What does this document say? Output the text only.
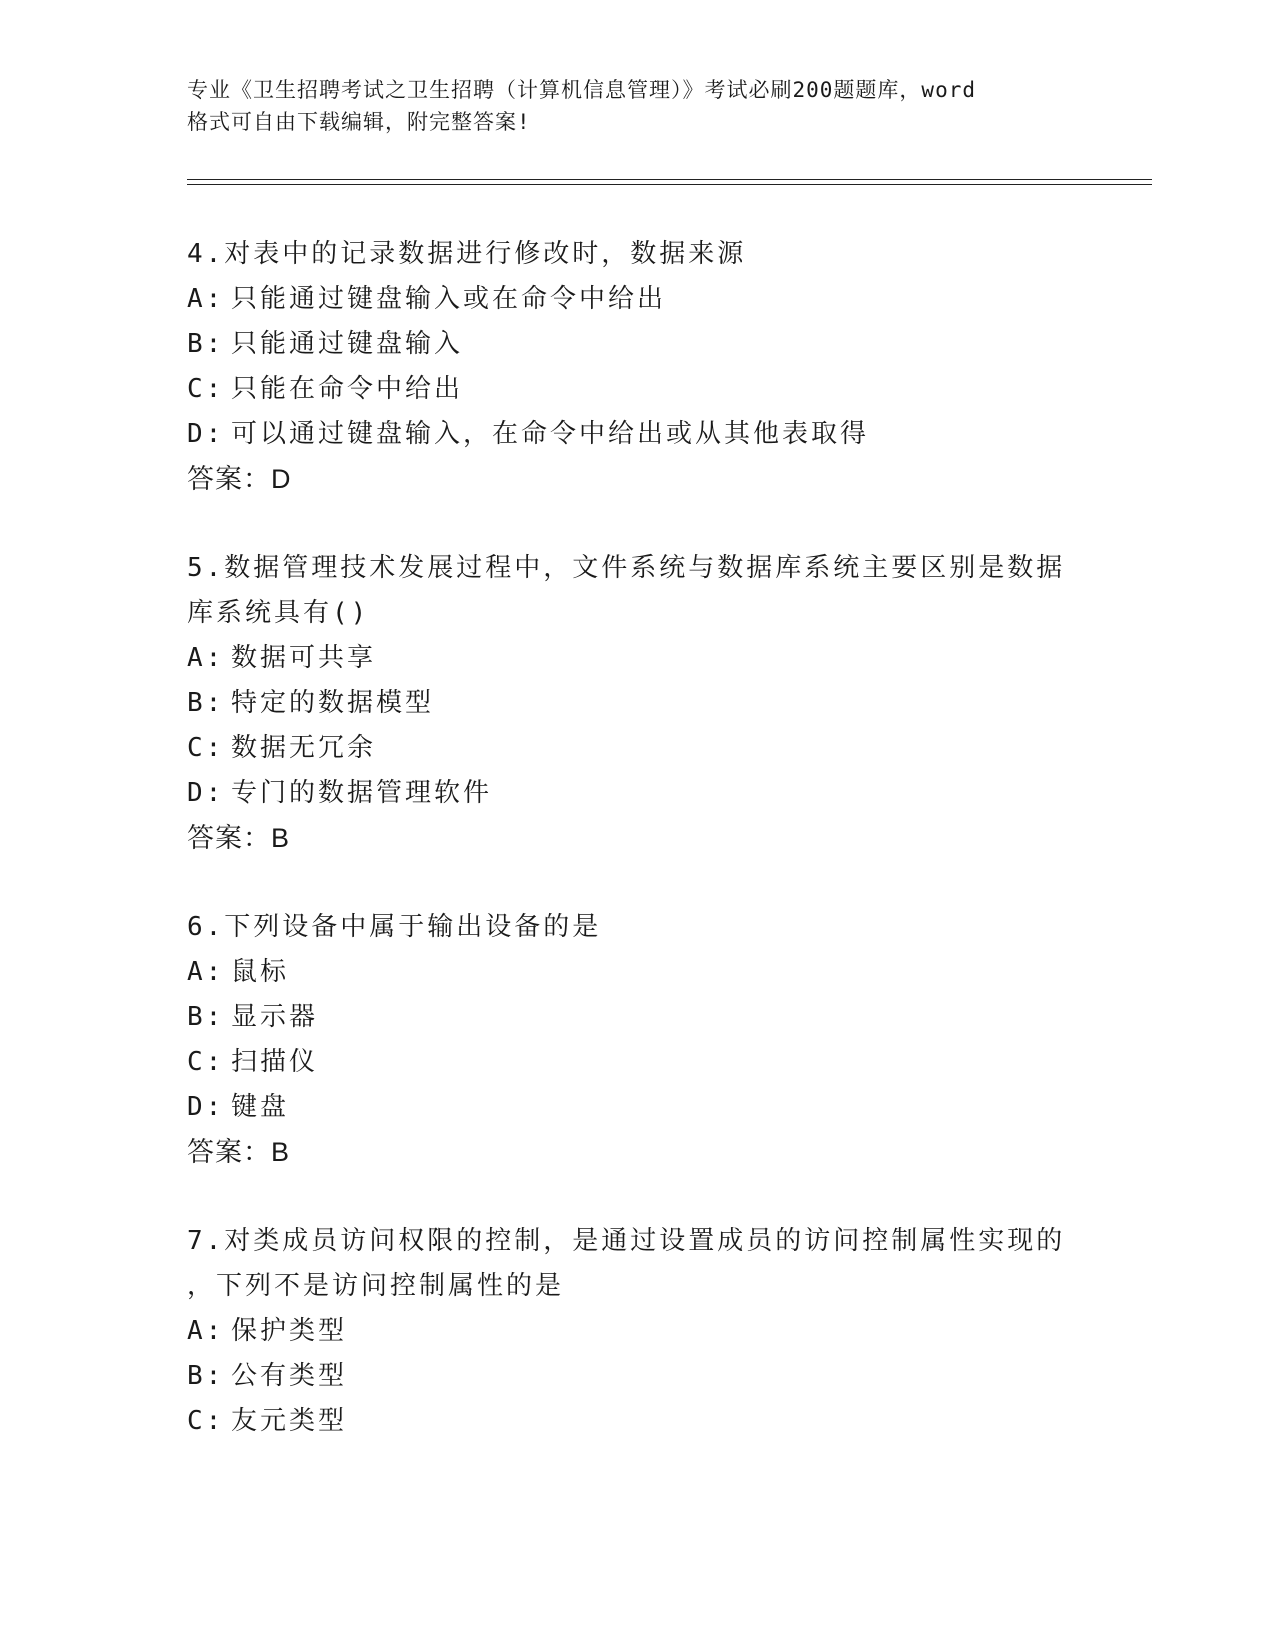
专业《卫生招聘考试之卫生招聘（计算机信息管理）》考试必刷200题题库，word
格式可自由下载编辑，附完整答案!
4.对表中的记录数据进行修改时，数据来源
A: 只能通过键盘输入或在命令中给出
B: 只能通过键盘输入
C: 只能在命令中给出
D: 可以通过键盘输入，在命令中给出或从其他表取得
答案：D
5.数据管理技术发展过程中，文件系统与数据库系统主要区别是数据
库系统具有()
A: 数据可共享
B: 特定的数据模型
C: 数据无冗余
D: 专门的数据管理软件
答案：B
6.下列设备中属于输出设备的是
A: 鼠标
B: 显示器
C: 扫描仪
D: 键盘
答案：B
7.对类成员访问权限的控制，是通过设置成员的访问控制属性实现的
，下列不是访问控制属性的是
A: 保护类型
B: 公有类型
C: 友元类型
